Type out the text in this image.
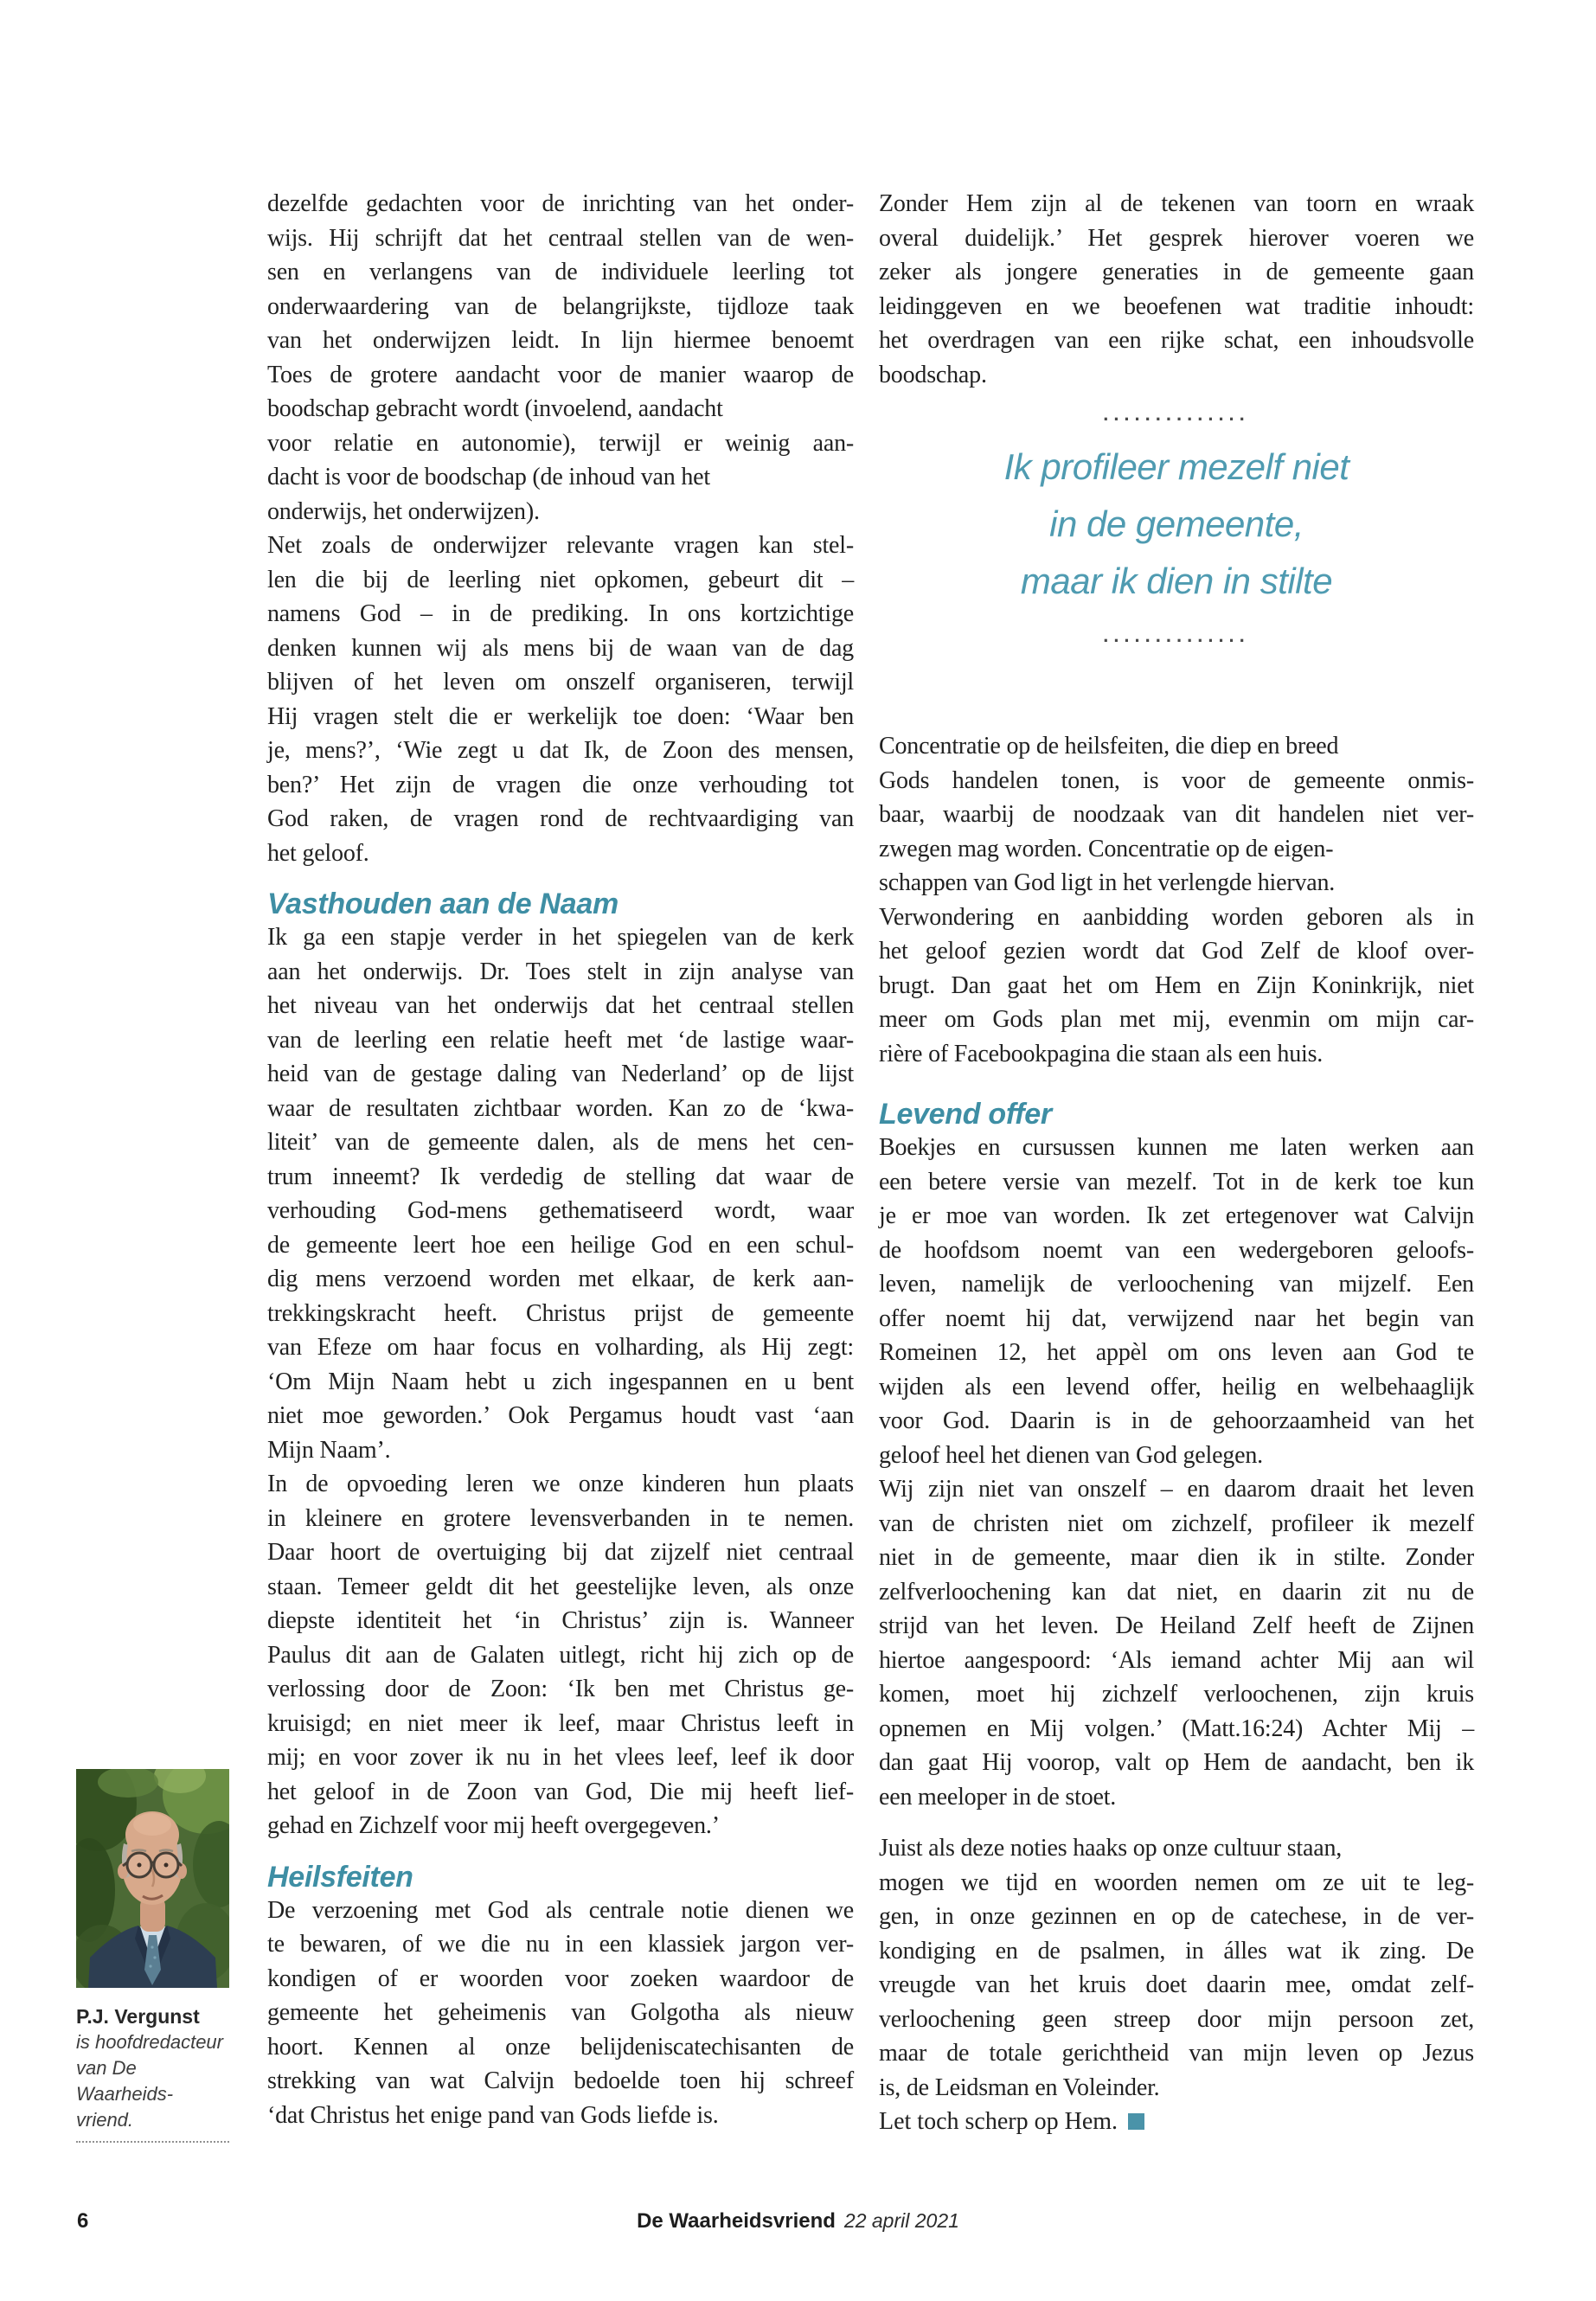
dezelfde gedachten voor de inrichting van het onder-
wijs. Hij schrijft dat het centraal stellen van de wen-
sen en verlangens van de individuele leerling tot
onderwaardering van de belangrijkste, tijdloze taak
van het onderwijzen leidt. In lijn hiermee benoemt
Toes de grotere aandacht voor de manier waarop de
boodschap gebracht wordt (invoelend, aandacht
voor relatie en autonomie), terwijl er weinig aan-
dacht is voor de boodschap (de inhoud van het
onderwijs, het onderwijzen).
Net zoals de onderwijzer relevante vragen kan stel-
len die bij de leerling niet opkomen, gebeurt dit –
namens God – in de prediking. In ons kortzichtige
denken kunnen wij als mens bij de waan van de dag
blijven of het leven om onszelf organiseren, terwijl
Hij vragen stelt die er werkelijk toe doen: ‘Waar ben
je, mens?’, ‘Wie zegt u dat Ik, de Zoon des mensen,
ben?’ Het zijn de vragen die onze verhouding tot
God raken, de vragen rond de rechtvaardiging van
het geloof.
Vasthouden aan de Naam
Ik ga een stapje verder in het spiegelen van de kerk
aan het onderwijs. Dr. Toes stelt in zijn analyse van
het niveau van het onderwijs dat het centraal stellen
van de leerling een relatie heeft met ‘de lastige waar-
heid van de gestage daling van Nederland’ op de lijst
waar de resultaten zichtbaar worden. Kan zo de ‘kwa-
liteit’ van de gemeente dalen, als de mens het cen-
trum inneemt? Ik verdedig de stelling dat waar de
verhouding God-mens gethematiseerd wordt, waar
de gemeente leert hoe een heilige God en een schul-
dig mens verzoend worden met elkaar, de kerk aan-
trekkingskracht heeft. Christus prijst de gemeente
van Efeze om haar focus en volharding, als Hij zegt:
‘Om Mijn Naam hebt u zich ingespannen en u bent
niet moe geworden.’ Ook Pergamus houdt vast ‘aan
Mijn Naam’.
In de opvoeding leren we onze kinderen hun plaats
in kleinere en grotere levensverbanden in te nemen.
Daar hoort de overtuiging bij dat zijzelf niet centraal
staan. Temeer geldt dit het geestelijke leven, als onze
diepste identiteit het ‘in Christus’ zijn is. Wanneer
Paulus dit aan de Galaten uitlegt, richt hij zich op de
verlossing door de Zoon: ‘Ik ben met Christus ge-
kruisigd; en niet meer ik leef, maar Christus leeft in
mij; en voor zover ik nu in het vlees leef, leef ik door
het geloof in de Zoon van God, Die mij heeft lief-
gehad en Zichzelf voor mij heeft overgegeven.’
Heilsfeiten
De verzoening met God als centrale notie dienen we
te bewaren, of we die nu in een klassiek jargon ver-
kondigen of er woorden voor zoeken waardoor de
gemeente het geheimenis van Golgotha als nieuw
hoort. Kennen al onze belijdeniscatechisanten de
strekking van wat Calvijn bedoelde toen hij schreef
‘dat Christus het enige pand van Gods liefde is.
Zonder Hem zijn al de tekenen van toorn en wraak
overal duidelijk.’ Het gesprek hierover voeren we
zeker als jongere generaties in de gemeente gaan
leidinggeven en we beoefenen wat traditie inhoudt:
het overdragen van een rijke schat, een inhoudsvolle
boodschap.
..............
Ik profileer mezelf niet
in de gemeente,
maar ik dien in stilte
..............
Concentratie op de heilsfeiten, die diep en breed
Gods handelen tonen, is voor de gemeente onmis-
baar, waarbij de noodzaak van dit handelen niet ver-
zwegen mag worden. Concentratie op de eigen-
schappen van God ligt in het verlengde hiervan.
Verwondering en aanbidding worden geboren als in
het geloof gezien wordt dat God Zelf de kloof over-
brugt. Dan gaat het om Hem en Zijn Koninkrijk, niet
meer om Gods plan met mij, evenmin om mijn car-
rière of Facebookpagina die staan als een huis.
Levend offer
Boekjes en cursussen kunnen me laten werken aan
een betere versie van mezelf. Tot in de kerk toe kun
je er moe van worden. Ik zet ertegenover wat Calvijn
de hoofdsom noemt van een wedergeboren geloofs-
leven, namelijk de verloochening van mijzelf. Een
offer noemt hij dat, verwijzend naar het begin van
Romeinen 12, het appèl om ons leven aan God te
wijden als een levend offer, heilig en welbehaaglijk
voor God. Daarin is in de gehoorzaamheid van het
geloof heel het dienen van God gelegen.
Wij zijn niet van onszelf – en daarom draait het leven
van de christen niet om zichzelf, profileer ik mezelf
niet in de gemeente, maar dien ik in stilte. Zonder
zelfverloochening kan dat niet, en daarin zit nu de
strijd van het leven. De Heiland Zelf heeft de Zijnen
hiertoe aangespoord: ‘Als iemand achter Mij aan wil
komen, moet hij zichzelf verloochenen, zijn kruis
opnemen en Mij volgen.’ (Matt.16:24) Achter Mij –
dan gaat Hij voorop, valt op Hem de aandacht, ben ik
een meeloper in de stoet.
Juist als deze noties haaks op onze cultuur staan,
mogen we tijd en woorden nemen om ze uit te leg-
gen, in onze gezinnen en op de catechese, in de ver-
kondiging en de psalmen, in álles wat ik zing. De
vreugde van het kruis doet daarin mee, omdat zelf-
verloochening geen streep door mijn persoon zet,
maar de totale gerichtheid van mijn leven op Jezus
is, de Leidsman en Voleinder.
Let toch scherp op Hem.
P.J. Vergunst
is hoofdredacteur
van De Waarheids-
vriend.
6	De Waarheidsvriend 22 april 2021
